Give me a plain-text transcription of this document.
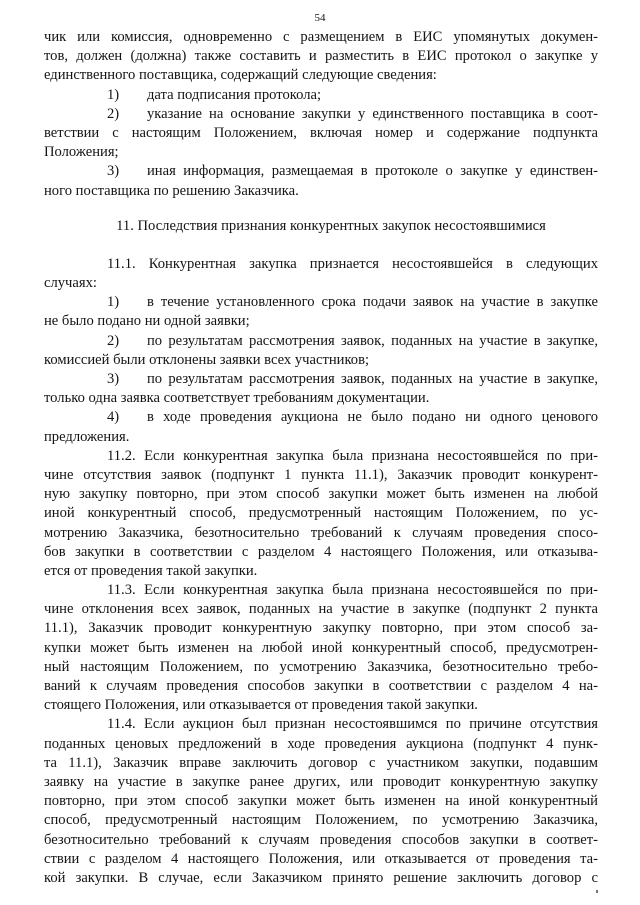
54
чик или комиссия, одновременно с размещением в ЕИС упомянутых докумен-
тов, должен (должна) также составить и разместить в ЕИС протокол о закупке у
единственного поставщика, содержащий следующие сведения:
1) дата подписания протокола;
2) указание на основание закупки у единственного поставщика в соот-
ветствии с настоящим Положением, включая номер и содержание подпункта
Положения;
3) иная информация, размещаемая в протоколе о закупке у единствен-
ного поставщика по решению Заказчика.
11. Последствия признания конкурентных закупок несостоявшимися
11.1. Конкурентная закупка признается несостоявшейся в следующих
случаях:
1) в течение установленного срока подачи заявок на участие в закупке
не было подано ни одной заявки;
2) по результатам рассмотрения заявок, поданных на участие в закупке,
комиссией были отклонены заявки всех участников;
3) по результатам рассмотрения заявок, поданных на участие в закупке,
только одна заявка соответствует требованиям документации.
4) в ходе проведения аукциона не было подано ни одного ценового
предложения.
11.2. Если конкурентная закупка была признана несостоявшейся по при-
чине отсутствия заявок (подпункт 1 пункта 11.1), Заказчик проводит конкурент-
ную закупку повторно, при этом способ закупки может быть изменен на любой
иной конкурентный способ, предусмотренный настоящим Положением, по ус-
мотрению Заказчика, безотносительно требований к случаям проведения спосо-
бов закупки в соответствии с разделом 4 настоящего Положения, или отказыва-
ется от проведения такой закупки.
11.3. Если конкурентная закупка была признана несостоявшейся по при-
чине отклонения всех заявок, поданных на участие в закупке (подпункт 2 пункта
11.1), Заказчик проводит конкурентную закупку повторно, при этом способ за-
купки может быть изменен на любой иной конкурентный способ, предусмотрен-
ный настоящим Положением, по усмотрению Заказчика, безотносительно требо-
ваний к случаям проведения способов закупки в соответствии с разделом 4 на-
стоящего Положения, или отказывается от проведения такой закупки.
11.4. Если аукцион был признан несостоявшимся по причине отсутствия
поданных ценовых предложений в ходе проведения аукциона (подпункт 4 пунк-
та 11.1), Заказчик вправе заключить договор с участником закупки, подавшим
заявку на участие в закупке ранее других, или проводит конкурентную закупку
повторно, при этом способ закупки может быть изменен на иной конкурентный
способ, предусмотренный настоящим Положением, по усмотрению Заказчика,
безотносительно требований к случаям проведения способов закупки в соответ-
ствии с разделом 4 настоящего Положения, или отказывается от проведения та-
кой закупки. В случае, если Заказчиком принято решение заключить договор с
